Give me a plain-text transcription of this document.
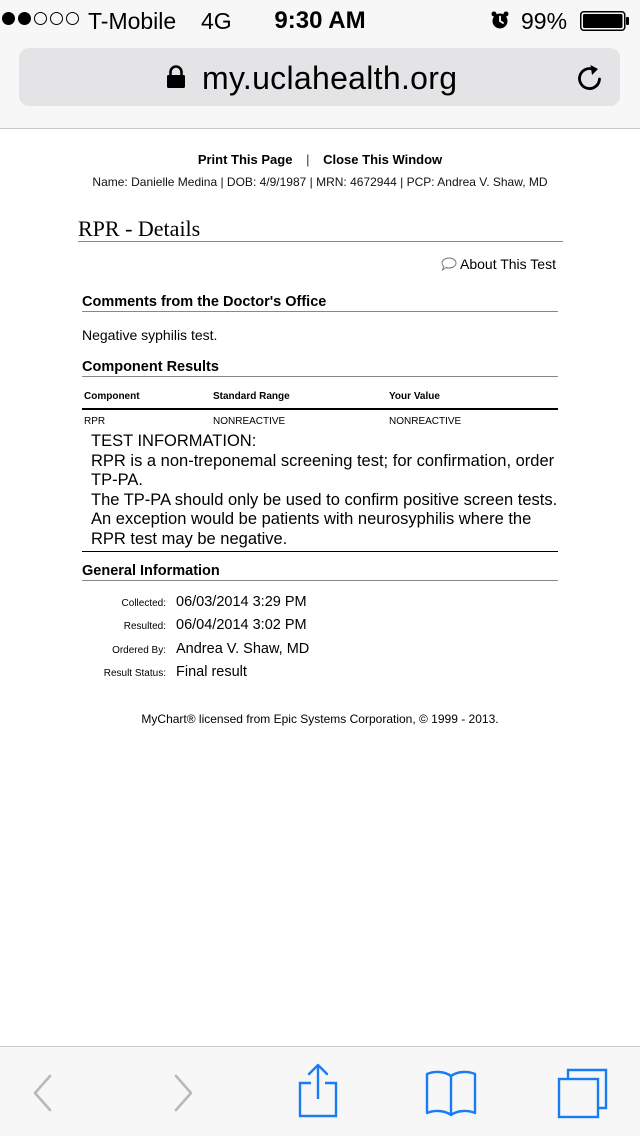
T-Mobile 4G	9:30 AM	99%
my.uclahealth.org
Print This Page | Close This Window
Name: Danielle Medina | DOB: 4/9/1987 | MRN: 4672944 | PCP: Andrea V. Shaw, MD
RPR - Details
About This Test
Comments from the Doctor's Office
Negative syphilis test.
Component Results
Component	Standard Range	Your Value
RPR	NONREACTIVE	NONREACTIVE

TEST INFORMATION:
RPR is a non-treponemal screening test; for confirmation, order TP-PA.
The TP-PA should only be used to confirm positive screen tests. An exception would be patients with neurosyphilis where the RPR test may be negative.

General Information
Collected: 06/03/2014 3:29 PM
Resulted: 06/04/2014 3:02 PM
Ordered By: Andrea V. Shaw, MD
Result Status: Final result
MyChart® licensed from Epic Systems Corporation, © 1999 - 2013.
